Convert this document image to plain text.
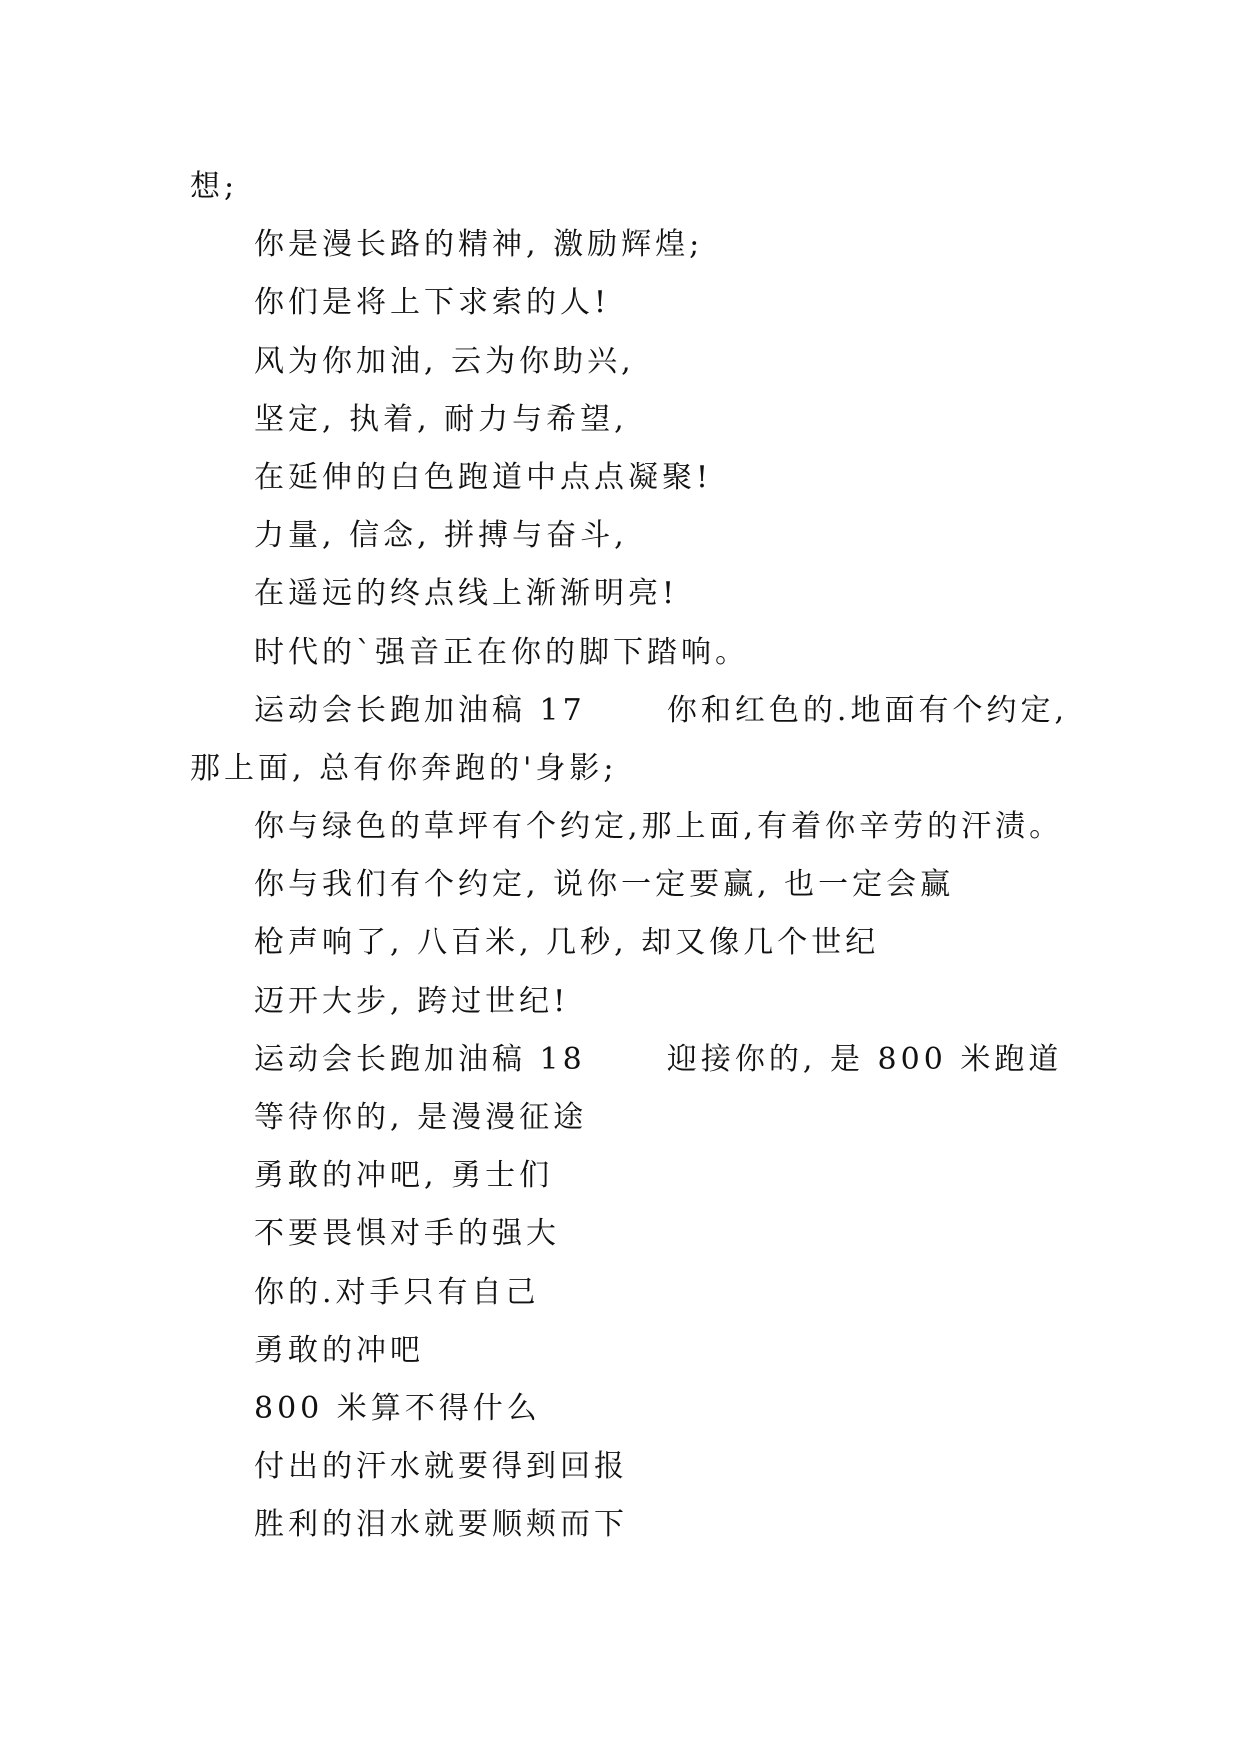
想;
你是漫长路的精神, 激励辉煌;
你们是将上下求索的人!
风为你加油, 云为你助兴,
坚定, 执着, 耐力与希望,
在延伸的白色跑道中点点凝聚!
力量, 信念, 拼搏与奋斗,
在遥远的终点线上渐渐明亮!
时代的`强音正在你的脚下踏响。
运动会长跑加油稿 17      你和红色的.地面有个约定,
那上面, 总有你奔跑的'身影;
你与绿色的草坪有个约定,那上面,有着你辛劳的汗渍。
你与我们有个约定, 说你一定要赢, 也一定会赢
枪声响了, 八百米, 几秒, 却又像几个世纪
迈开大步, 跨过世纪!
运动会长跑加油稿 18      迎接你的, 是 800 米跑道
等待你的, 是漫漫征途
勇敢的冲吧, 勇士们
不要畏惧对手的强大
你的.对手只有自己
勇敢的冲吧
800 米算不得什么
付出的汗水就要得到回报
胜利的泪水就要顺颊而下
